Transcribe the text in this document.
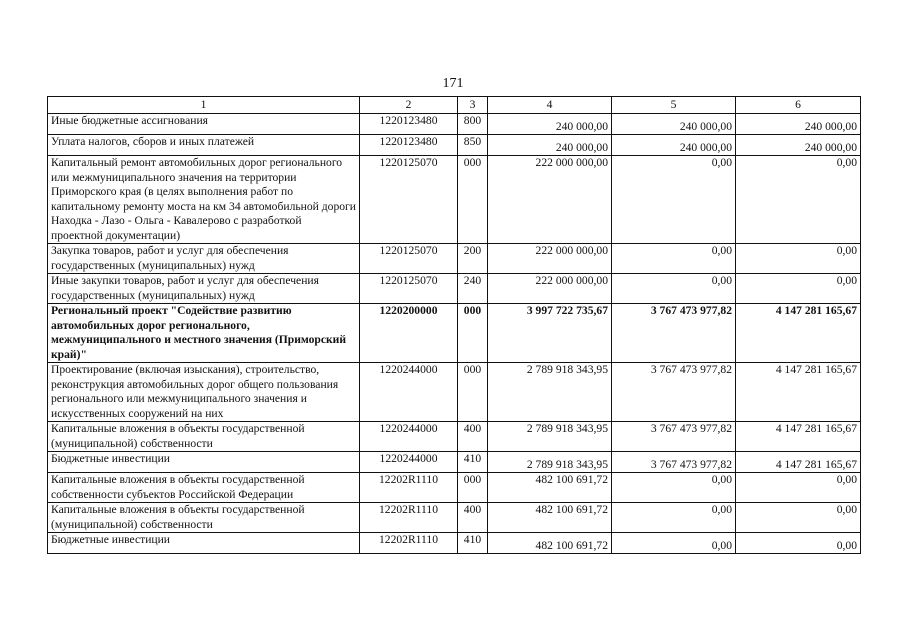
171
1	2	3	4	5	6
Иные бюджетные ассигнования	1220123480	800	240 000,00	240 000,00	240 000,00
Уплата налогов, сборов и иных платежей	1220123480	850	240 000,00	240 000,00	240 000,00
Капитальный ремонт автомобильных дорог регионального или межмуниципального значения на территории Приморского края (в целях выполнения работ по капитальному ремонту моста на км 34 автомобильной дороги Находка - Лазо - Ольга - Кавалерово с разработкой проектной документации)	1220125070	000	222 000 000,00	0,00	0,00
Закупка товаров, работ и услуг для обеспечения государственных (муниципальных) нужд	1220125070	200	222 000 000,00	0,00	0,00
Иные закупки товаров, работ и услуг для обеспечения государственных (муниципальных) нужд	1220125070	240	222 000 000,00	0,00	0,00
Региональный проект "Содействие развитию автомобильных дорог регионального, межмуниципального и местного значения (Приморский край)"	1220200000	000	3 997 722 735,67	3 767 473 977,82	4 147 281 165,67
Проектирование (включая изыскания), строительство, реконструкция автомобильных дорог общего пользования регионального или межмуниципального значения и искусственных сооружений на них	1220244000	000	2 789 918 343,95	3 767 473 977,82	4 147 281 165,67
Капитальные вложения в объекты государственной (муниципальной) собственности	1220244000	400	2 789 918 343,95	3 767 473 977,82	4 147 281 165,67
Бюджетные инвестиции	1220244000	410	2 789 918 343,95	3 767 473 977,82	4 147 281 165,67
Капитальные вложения в объекты государственной собственности субъектов Российской Федерации	12202R1110	000	482 100 691,72	0,00	0,00
Капитальные вложения в объекты государственной (муниципальной) собственности	12202R1110	400	482 100 691,72	0,00	0,00
Бюджетные инвестиции	12202R1110	410	482 100 691,72	0,00	0,00
